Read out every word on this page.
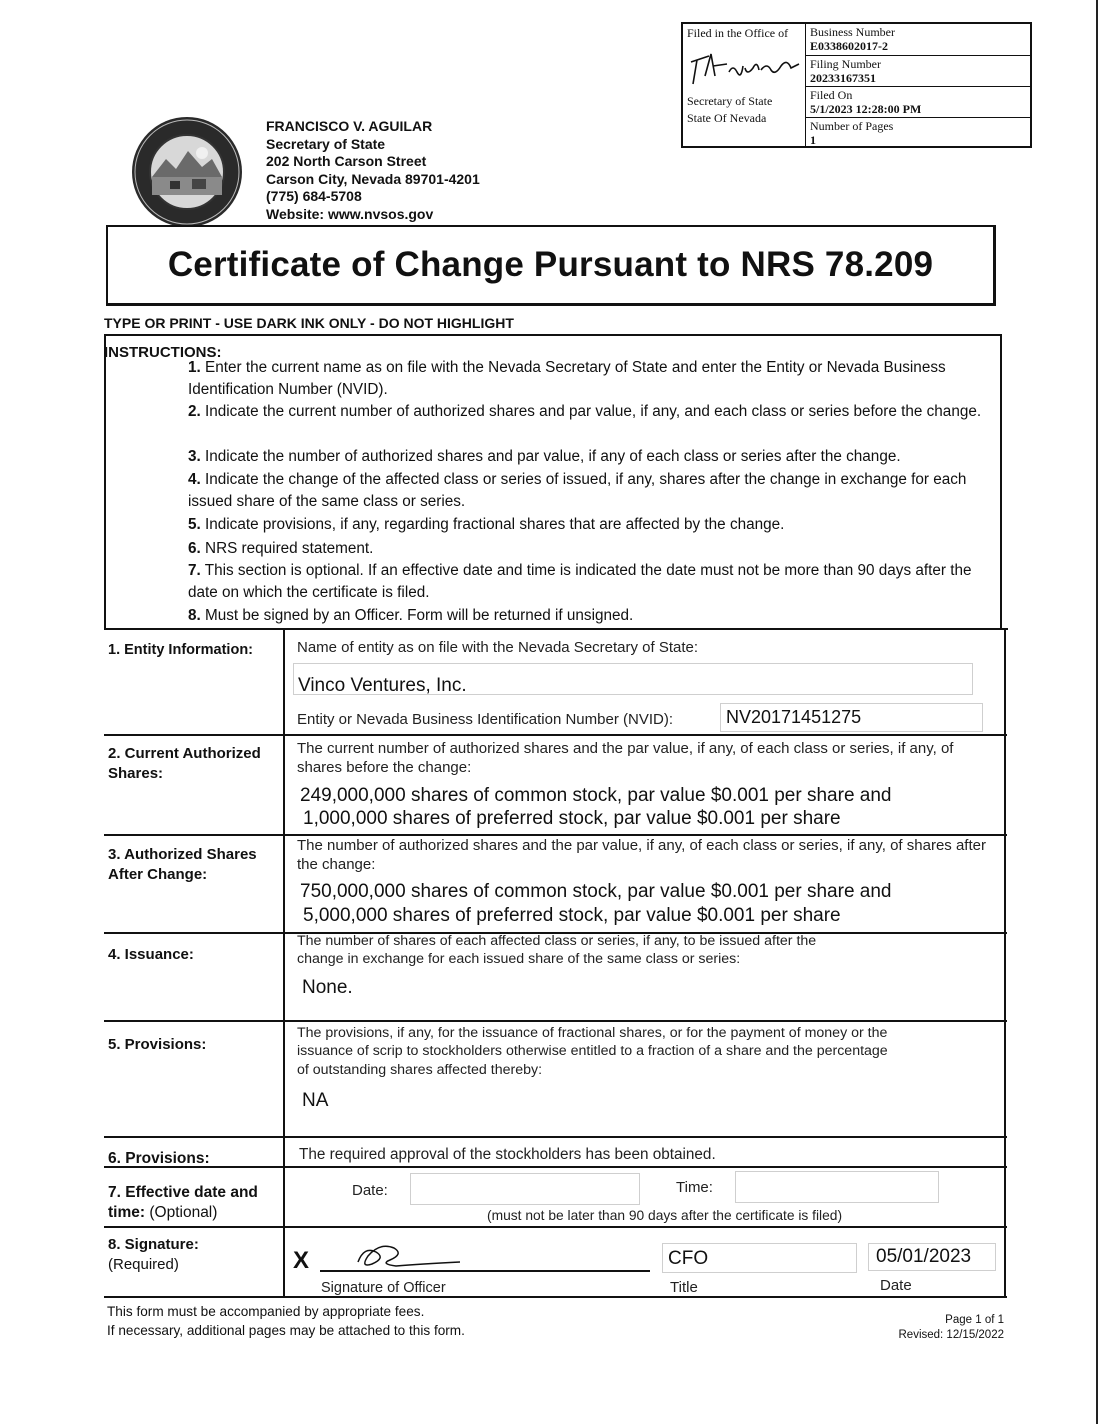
Filed in the Office of
Secretary of State
State Of Nevada
Business Number
E0338602017-2
Filing Number
20233167351
Filed On
5/1/2023 12:28:00 PM
Number of Pages
1
FRANCISCO V. AGUILAR
Secretary of State
202 North Carson Street
Carson City, Nevada 89701-4201
(775) 684-5708
Website: www.nvsos.gov
Certificate of Change Pursuant to NRS 78.209
TYPE OR PRINT - USE DARK INK ONLY - DO NOT HIGHLIGHT
INSTRUCTIONS:
1. Enter the current name as on file with the Nevada Secretary of State and enter the Entity or Nevada Business Identification Number (NVID).
2. Indicate the current number of authorized shares and par value, if any, and each class or series before the change.
3. Indicate the number of authorized shares and par value, if any of each class or series after the change.
4. Indicate the change of the affected class or series of issued, if any, shares after the change in exchange for each issued share of the same class or series.
5. Indicate provisions, if any, regarding fractional shares that are affected by the change.
6. NRS required statement.
7. This section is optional. If an effective date and time is indicated the date must not be more than 90 days after the date on which the certificate is filed.
8. Must be signed by an Officer. Form will be returned if unsigned.
1. Entity Information:	Name of entity as on file with the Nevada Secretary of State:
Vinco Ventures, Inc.
Entity or Nevada Business Identification Number (NVID):	NV20171451275
2. Current Authorized
Shares:
The current number of authorized shares and the par value, if any, of each class or series, if any, of shares before the change:
249,000,000 shares of common stock, par value $0.001 per share and
1,000,000 shares of preferred stock, par value $0.001 per share
3. Authorized Shares
After Change:
The number of authorized shares and the par value, if any, of each class or series, if any, of shares after the change:
750,000,000 shares of common stock, par value $0.001 per share and
5,000,000 shares of preferred stock, par value $0.001 per share
4. Issuance:
The number of shares of each affected class or series, if any, to be issued after the
change in exchange for each issued share of the same class or series:
None.
5. Provisions:
The provisions, if any, for the issuance of fractional shares, or for the payment of money or the
issuance of scrip to stockholders otherwise entitled to a fraction of a share and the percentage
of outstanding shares affected thereby:
NA
6. Provisions:	The required approval of the stockholders has been obtained.
7. Effective date and
time: (Optional)
Date:	Time:
(must not be later than 90 days after the certificate is filed)
8. Signature:
(Required)	X
Signature of Officer
CFO
Title
05/01/2023
Date
This form must be accompanied by appropriate fees.
If necessary, additional pages may be attached to this form.
Page 1 of 1
Revised: 12/15/2022
